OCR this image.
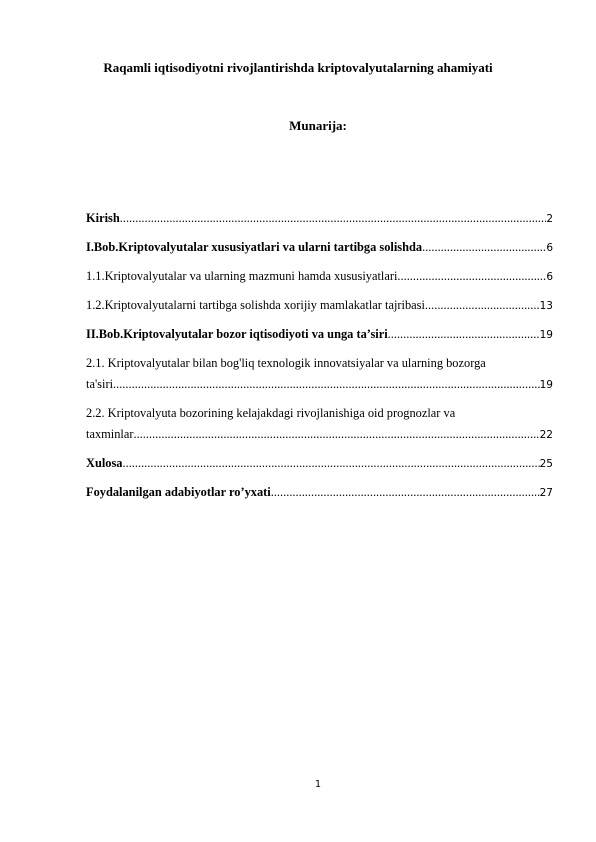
Raqamli iqtisodiyotni rivojlantirishda kriptovalyutalarning ahamiyati
Munarija:
Kirish .....	2
I.Bob.Kriptovalyutalar xususiyatlari va ularni tartibga solishda .....	6
1.1.Kriptovalyutalar va ularning mazmuni hamda xususiyatlari .....	6
1.2.Kriptovalyutalarni tartibga solishda xorijiy mamlakatlar tajribasi .....	13
II.Bob.Kriptovalyutalar bozor iqtisodiyoti va unga ta’siri .....	19
2.1. Kriptovalyutalar bilan bog'liq texnologik innovatsiyalar va ularning bozorga
ta'siri .....	19
2.2. Kriptovalyuta bozorining kelajakdagi rivojlanishiga oid prognozlar va
taxminlar .....	22
Xulosa .....	25
Foydalanilgan adabiyotlar ro’yxati .....	27
1
